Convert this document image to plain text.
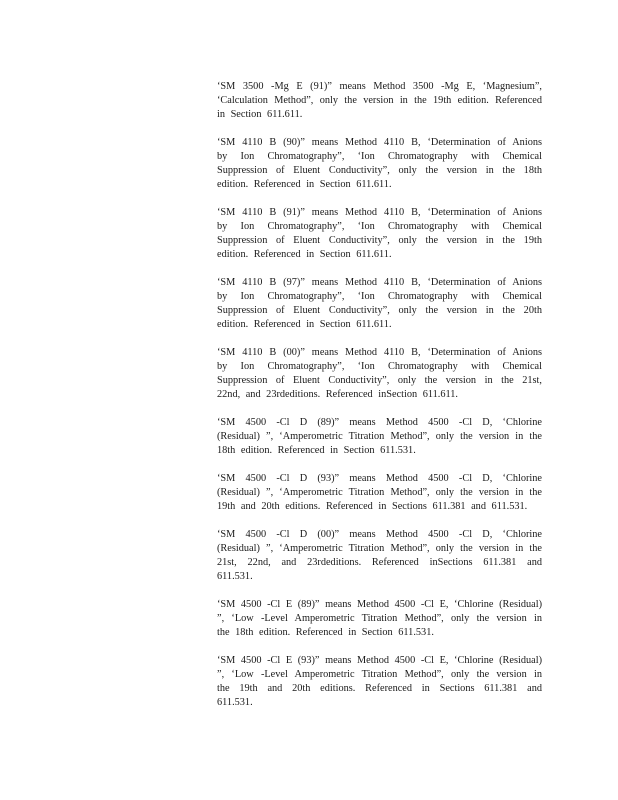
‘SM 3500 -Mg E (91)” means Method 3500 -Mg E, ‘Magnesium”, ‘Calculation Method”, only the version in the 19th edition. Referenced in Section 611.611.

‘SM 4110 B (90)” means Method 4110 B, ‘Determination of Anions by Ion Chromatography”, ‘Ion Chromatography with Chemical Suppression of Eluent Conductivity”, only the version in the 18th edition. Referenced in Section 611.611.

‘SM 4110 B (91)” means Method 4110 B, ‘Determination of Anions by Ion Chromatography”, ‘Ion Chromatography with Chemical Suppression of Eluent Conductivity”, only the version in the 19th edition. Referenced in Section 611.611.

‘SM 4110 B (97)” means Method 4110 B, ‘Determination of Anions by Ion Chromatography”, ‘Ion Chromatography with Chemical Suppression of Eluent Conductivity”, only the version in the 20th edition. Referenced in Section 611.611.

‘SM 4110 B (00)” means Method 4110 B, ‘Determination of Anions by Ion Chromatography”, ‘Ion Chromatography with Chemical Suppression of Eluent Conductivity”, only the version in the 21st, 22nd, and 23rdeditions. Referenced inSection 611.611.

‘SM 4500 -Cl D (89)” means Method 4500 -Cl D, ‘Chlorine (Residual) ”, ‘Amperometric Titration Method”, only the version in the 18th edition. Referenced in Section 611.531.

‘SM 4500 -Cl D (93)” means Method 4500 -Cl D, ‘Chlorine (Residual) ”, ‘Amperometric Titration Method”, only the version in the 19th and 20th editions. Referenced in Sections 611.381 and 611.531.

‘SM 4500 -Cl D (00)” means Method 4500 -Cl D, ‘Chlorine (Residual) ”, ‘Amperometric Titration Method”, only the version in the 21st, 22nd, and 23rdeditions. Referenced inSections 611.381 and 611.531.

‘SM 4500 -Cl E (89)” means Method 4500 -Cl E, ‘Chlorine (Residual) ”, ‘Low -Level Amperometric Titration Method”, only the version in the 18th edition. Referenced in Section 611.531.

‘SM 4500 -Cl E (93)” means Method 4500 -Cl E, ‘Chlorine (Residual) ”, ‘Low -Level Amperometric Titration Method”, only the version in the 19th and 20th editions. Referenced in Sections 611.381 and 611.531.
